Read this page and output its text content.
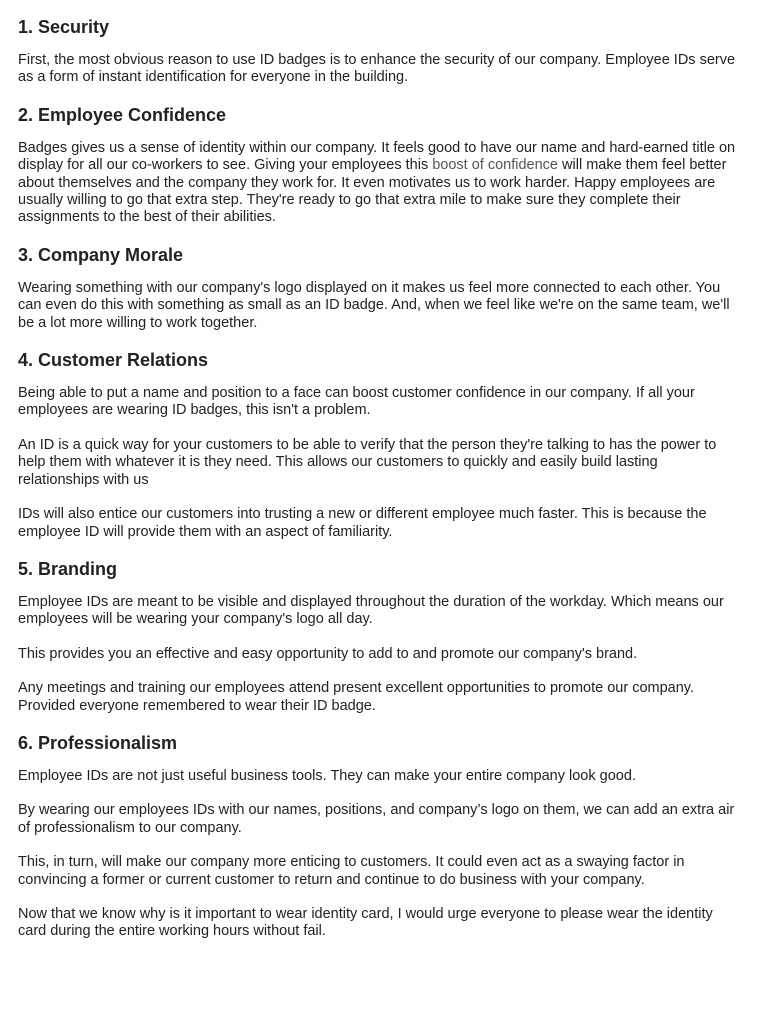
1. Security

First, the most obvious reason to use ID badges is to enhance the security of our company. Employee IDs serve as a form of instant identification for everyone in the building.

2. Employee Confidence

Badges gives us a sense of identity within our company. It feels good to have our name and hard-earned title on display for all our co-workers to see. Giving your employees this boost of confidence will make them feel better about themselves and the company they work for. It even motivates us to work harder. Happy employees are usually willing to go that extra step. They're ready to go that extra mile to make sure they complete their assignments to the best of their abilities.

3. Company Morale

Wearing something with our company's logo displayed on it makes us feel more connected to each other. You can even do this with something as small as an ID badge. And, when we feel like we're on the same team, we'll be a lot more willing to work together.

4. Customer Relations

Being able to put a name and position to a face can boost customer confidence in our company. If all your employees are wearing ID badges, this isn't a problem.

An ID is a quick way for your customers to be able to verify that the person they're talking to has the power to help them with whatever it is they need. This allows our customers to quickly and easily build lasting relationships with us

IDs will also entice our customers into trusting a new or different employee much faster. This is because the employee ID will provide them with an aspect of familiarity.

5. Branding

Employee IDs are meant to be visible and displayed throughout the duration of the workday. Which means our employees will be wearing your company's logo all day.

This provides you an effective and easy opportunity to add to and promote our company's brand.

Any meetings and training our employees attend present excellent opportunities to promote our company. Provided everyone remembered to wear their ID badge.

6. Professionalism

Employee IDs are not just useful business tools. They can make your entire company look good.

By wearing our employees IDs with our names, positions, and company’s logo on them, we can add an extra air of professionalism to our company.

This, in turn, will make our company more enticing to customers. It could even act as a swaying factor in convincing a former or current customer to return and continue to do business with your company.

Now that we know why is it important to wear identity card, I would urge everyone to please wear the identity card during the entire working hours without fail.
